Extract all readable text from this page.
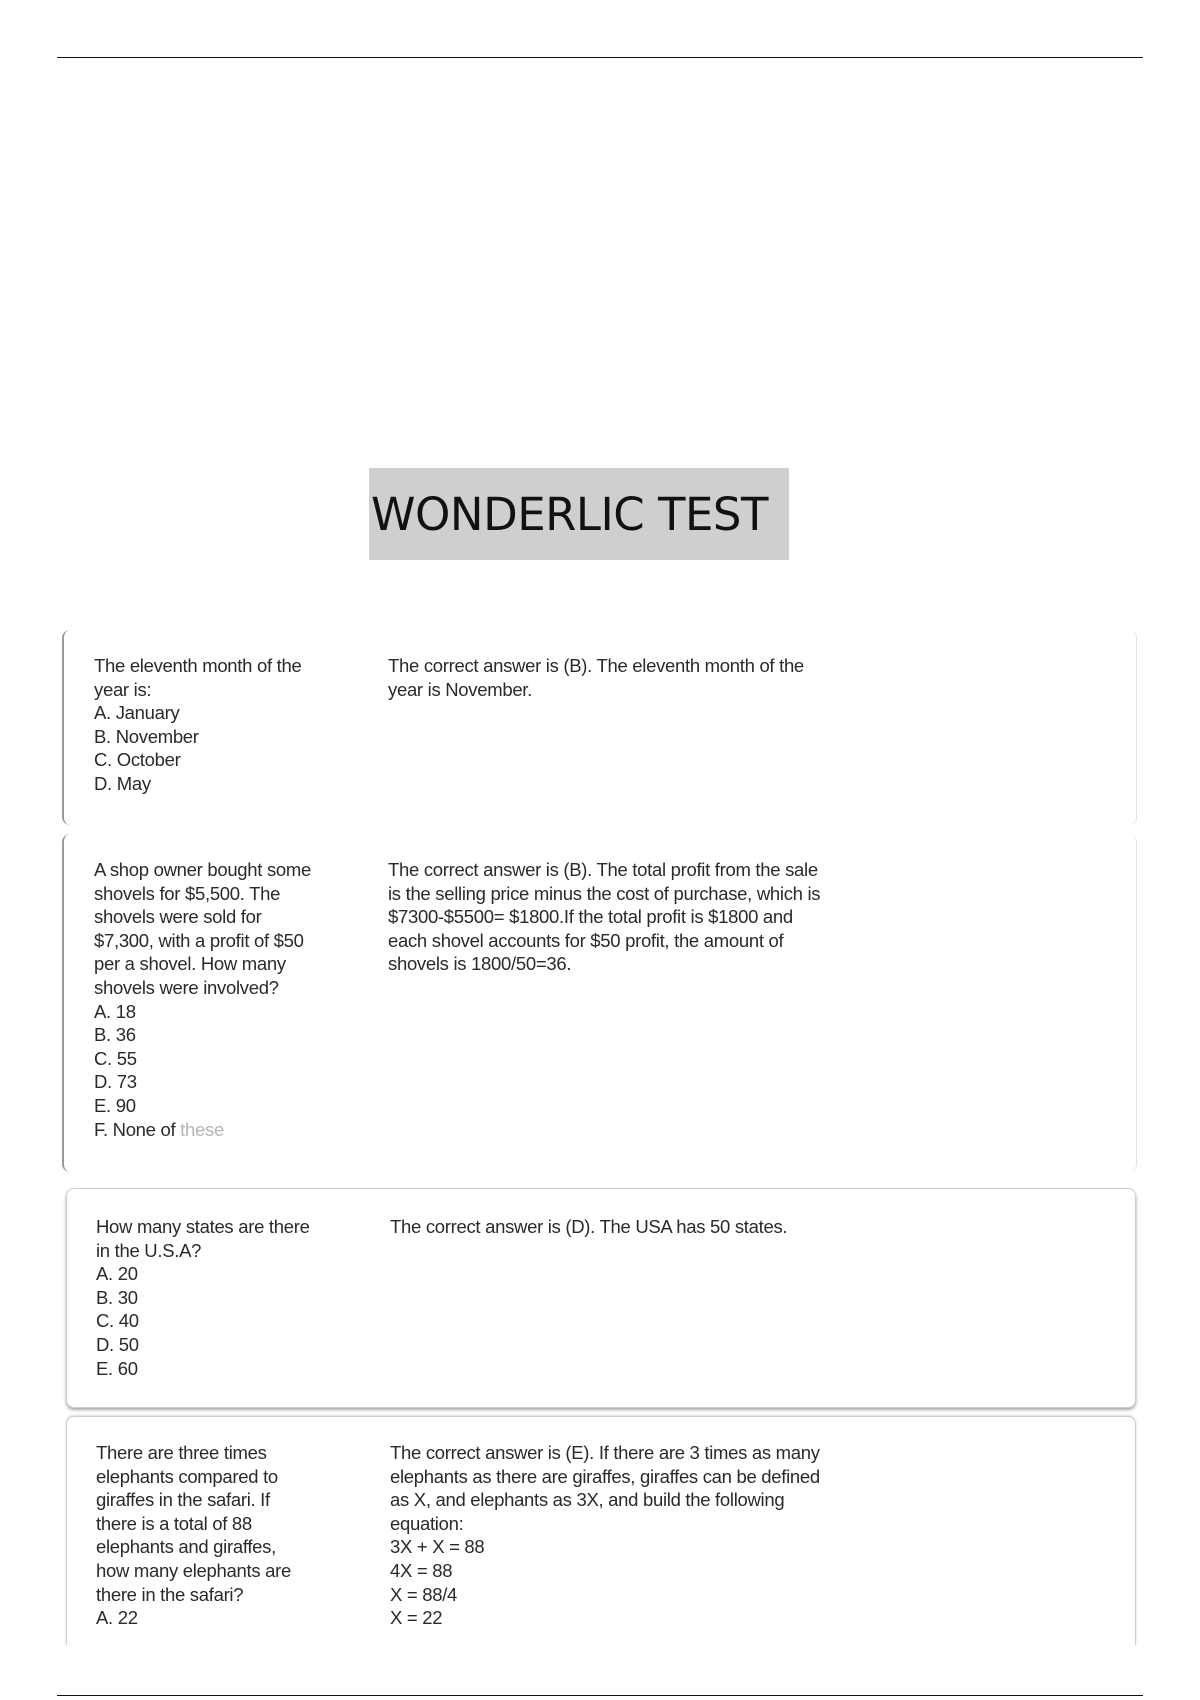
WONDERLIC TEST
The eleventh month of the
year is:
A. January
B. November
C. October
D. May
The correct answer is (B). The eleventh month of the
year is November.
A shop owner bought some
shovels for $5,500. The
shovels were sold for
$7,300, with a profit of $50
per a shovel. How many
shovels were involved?
A. 18
B. 36
C. 55
D. 73
E. 90
F. None of these
The correct answer is (B). The total profit from the sale
is the selling price minus the cost of purchase, which is
$7300-$5500= $1800.If the total profit is $1800 and
each shovel accounts for $50 profit, the amount of
shovels is 1800/50=36.
How many states are there
in the U.S.A?
A. 20
B. 30
C. 40
D. 50
E. 60
The correct answer is (D). The USA has 50 states.
There are three times
elephants compared to
giraffes in the safari. If
there is a total of 88
elephants and giraffes,
how many elephants are
there in the safari?
A. 22
The correct answer is (E). If there are 3 times as many
elephants as there are giraffes, giraffes can be defined
as X, and elephants as 3X, and build the following
equation:
3X + X = 88
4X = 88
X = 88/4
X = 22
